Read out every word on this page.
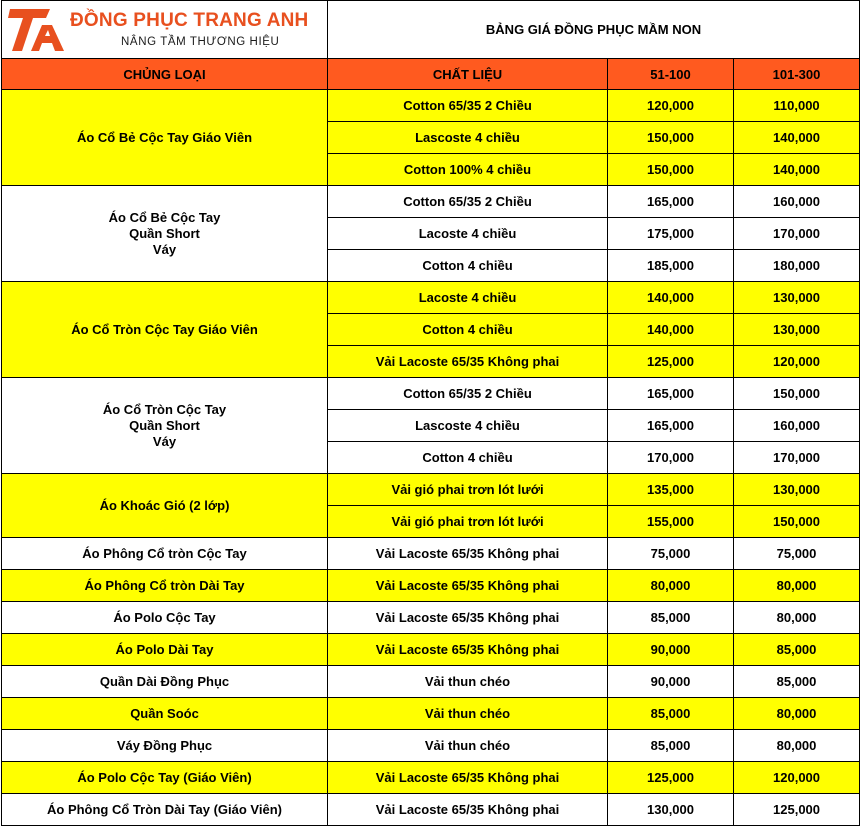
ĐỒNG PHỤC TRANG ANH
NÂNG TẦM THƯƠNG HIỆU	BẢNG GIÁ ĐỒNG PHỤC MẦM NON		
CHỦNG LOẠI	CHẤT LIỆU	51-100	101-300

Áo Cổ Bẻ Cộc Tay Giáo Viên	Cotton 65/35 2 Chiều	120,000	110,000
	Lascoste 4 chiều	150,000	140,000
	Cotton 100% 4 chiều	150,000	140,000

Áo Cổ Bẻ Cộc Tay
Quần Short
Váy	Cotton 65/35 2 Chiều	165,000	160,000
	Lacoste 4 chiều	175,000	170,000
	Cotton 4 chiều	185,000	180,000

Áo Cổ Tròn Cộc Tay Giáo Viên	Lacoste 4 chiều	140,000	130,000
	Cotton 4 chiều	140,000	130,000
	Vải Lacoste 65/35 Không phai	125,000	120,000

Áo Cổ Tròn Cộc Tay
Quần Short
Váy	Cotton 65/35 2 Chiều	165,000	150,000
	Lascoste 4 chiều	165,000	160,000
	Cotton 4 chiều	170,000	170,000

Áo Khoác Gió (2 lớp)	Vải gió phai trơn lót lưới	135,000	130,000
	Vải gió phai trơn lót lưới	155,000	150,000

Áo Phông Cổ tròn Cộc Tay	Vải Lacoste 65/35 Không phai	75,000	75,000

Áo Phông Cổ tròn Dài Tay	Vải Lacoste 65/35 Không phai	80,000	80,000

Áo Polo Cộc Tay	Vải Lacoste 65/35 Không phai	85,000	80,000

Áo Polo Dài Tay	Vải Lacoste 65/35 Không phai	90,000	85,000

Quần Dài Đồng Phục	Vải thun chéo	90,000	85,000

Quần Soóc	Vải thun chéo	85,000	80,000

Váy Đồng Phục	Vải thun chéo	85,000	80,000

Áo Polo Cộc Tay (Giáo Viên)	Vải Lacoste 65/35 Không phai	125,000	120,000

Áo Phông Cổ Tròn Dài Tay (Giáo Viên)	Vải Lacoste 65/35 Không phai	130,000	125,000
